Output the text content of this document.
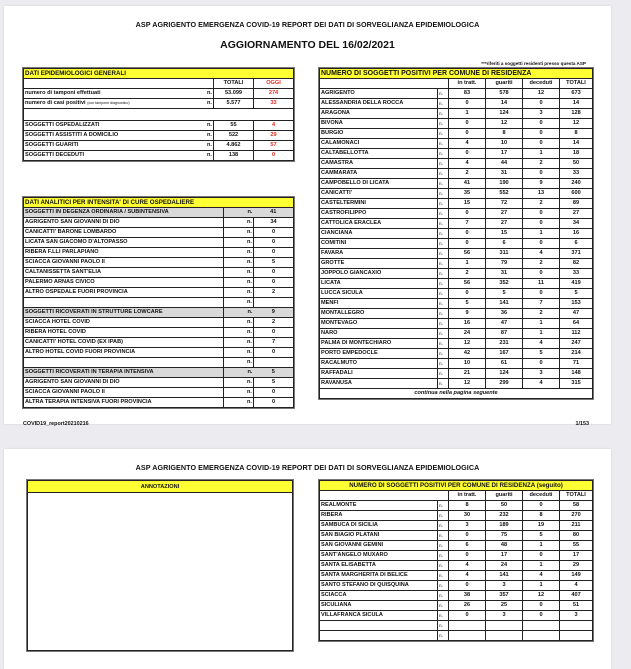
ASP AGRIGENTO EMERGENZA COVID-19 REPORT DEI DATI DI SORVEGLIANZA EPIDEMIOLOGICA
AGGIORNAMENTO DEL 16/02/2021
***riferiti a soggetti residenti presso questa ASP
DATI EPIDEMIOLOGICI GENERALI			
		TOTALI	OGGI
numero di tamponi effettuati	n.	53.099	274
numero di casi positivi (con tampone diagnostico)	n.	5.577	33

SOGGETTI OSPEDALIZZATI	n.	55	4
SOGGETTI ASSISTITI A DOMICILIO	n.	522	29
SOGGETTI GUARITI	n.	4.862	57
SOGGETTI DECEDUTI	n.	138	0
DATI ANALITICI PER INTENSITA' DI CURE OSPEDALIERE		
SOGGETTI IN DEGENZA ORDINARIA / SUBINTENSIVA	n.	41
AGRIGENTO SAN GIOVANNI DI DIO	n.	34
CANICATTI' BARONE LOMBARDO	n.	0
LICATA SAN GIACOMO D'ALTOPASSO	n.	0
RIBERA F.LLI PARLAPIANO	n.	0
SCIACCA GIOVANNI PAOLO II	n.	5
CALTANISSETTA SANT'ELIA	n.	0
PALERMO ARNAS CIVICO	n.	0
ALTRO OSPEDALE FUORI PROVINCIA	n.	2
	n.	
SOGGETTI RICOVERATI IN STRUTTURE LOWCARE	n.	9
SCIACCA HOTEL COVID	n.	2
RIBERA HOTEL COVID	n.	0
CANICATTI' HOTEL COVID (EX IPAB)	n.	7
ALTRO HOTEL COVID FUORI PROVINCIA	n.	0
	n.	
SOGGETTI RICOVERATI IN TERAPIA INTENSIVA	n.	5
AGRIGENTO SAN GIOVANNI DI DIO	n.	5
SCIACCA GIOVANNI PAOLO II	n.	0
ALTRA TERAPIA INTENSIVA FUORI PROVINCIA	n.	0
COVID19_report20210216
NUMERO DI SOGGETTI POSITIVI PER COMUNE DI RESIDENZA					
		in tratt.	guariti	deceduti	TOTALI
AGRIGENTO	n.	83	578	12	673
ALESSANDRIA DELLA ROCCA	n.	0	14	0	14
ARAGONA	n.	1	124	3	128
BIVONA	n.	0	12	0	12
BURGIO	n.	0	8	0	8
CALAMONACI	n.	4	10	0	14
CALTABELLOTTA	n.	0	17	1	18
CAMASTRA	n.	4	44	2	50
CAMMARATA	n.	2	31	0	33
CAMPOBELLO DI LICATA	n.	41	190	9	240
CANICATTI'	n.	35	552	13	600
CASTELTERMINI	n.	15	72	2	89
CASTROFILIPPO	n.	0	27	0	27
CATTOLICA ERACLEA	n.	7	27	0	34
CIANCIANA	n.	0	15	1	16
COMITINI	n.	0	6	0	6
FAVARA	n.	56	311	4	371
GROTTE	n.	1	79	2	82
JOPPOLO GIANCAXIO	n.	2	31	0	33
LICATA	n.	56	352	11	419
LUCCA SICULA	n.	0	5	0	5
MENFI	n.	5	141	7	153
MONTALLEGRO	n.	9	36	2	47
MONTEVAGO	n.	16	47	1	64
NARO	n.	24	87	1	112
PALMA DI MONTECHIARO	n.	12	231	4	247
PORTO EMPEDOCLE	n.	42	167	5	214
RACALMUTO	n.	10	61	0	71
RAFFADALI	n.	21	124	3	148
RAVANUSA	n.	12	299	4	315
continua nella pagina seguente					
1/153
ASP AGRIGENTO EMERGENZA COVID-19 REPORT DEI DATI DI SORVEGLIANZA EPIDEMIOLOGICA
ANNOTAZIONI	NUMERO DI SOGGETTI POSITIVI PER COMUNE DI RESIDENZA (seguito)					
		in tratt.	guariti	deceduti	TOTALI
REALMONTE	n.	8	50	0	58
RIBERA	n.	30	232	8	270
SAMBUCA DI SICILIA	n.	3	189	19	211
SAN BIAGIO PLATANI	n.	0	75	5	80
SAN GIOVANNI GEMINI	n.	6	48	1	55
SANT'ANGELO MUXARO	n.	0	17	0	17
SANTA ELISABETTA	n.	4	24	1	29
SANTA MARGHERITA DI BELICE	n.	4	141	4	149
SANTO STEFANO DI QUISQUINA	n.	0	3	1	4
SCIACCA	n.	38	357	12	407
SICULIANA	n.	26	25	0	51
VILLAFRANCA SICULA	n.	0	3	0	3
	n.				
	n.				
